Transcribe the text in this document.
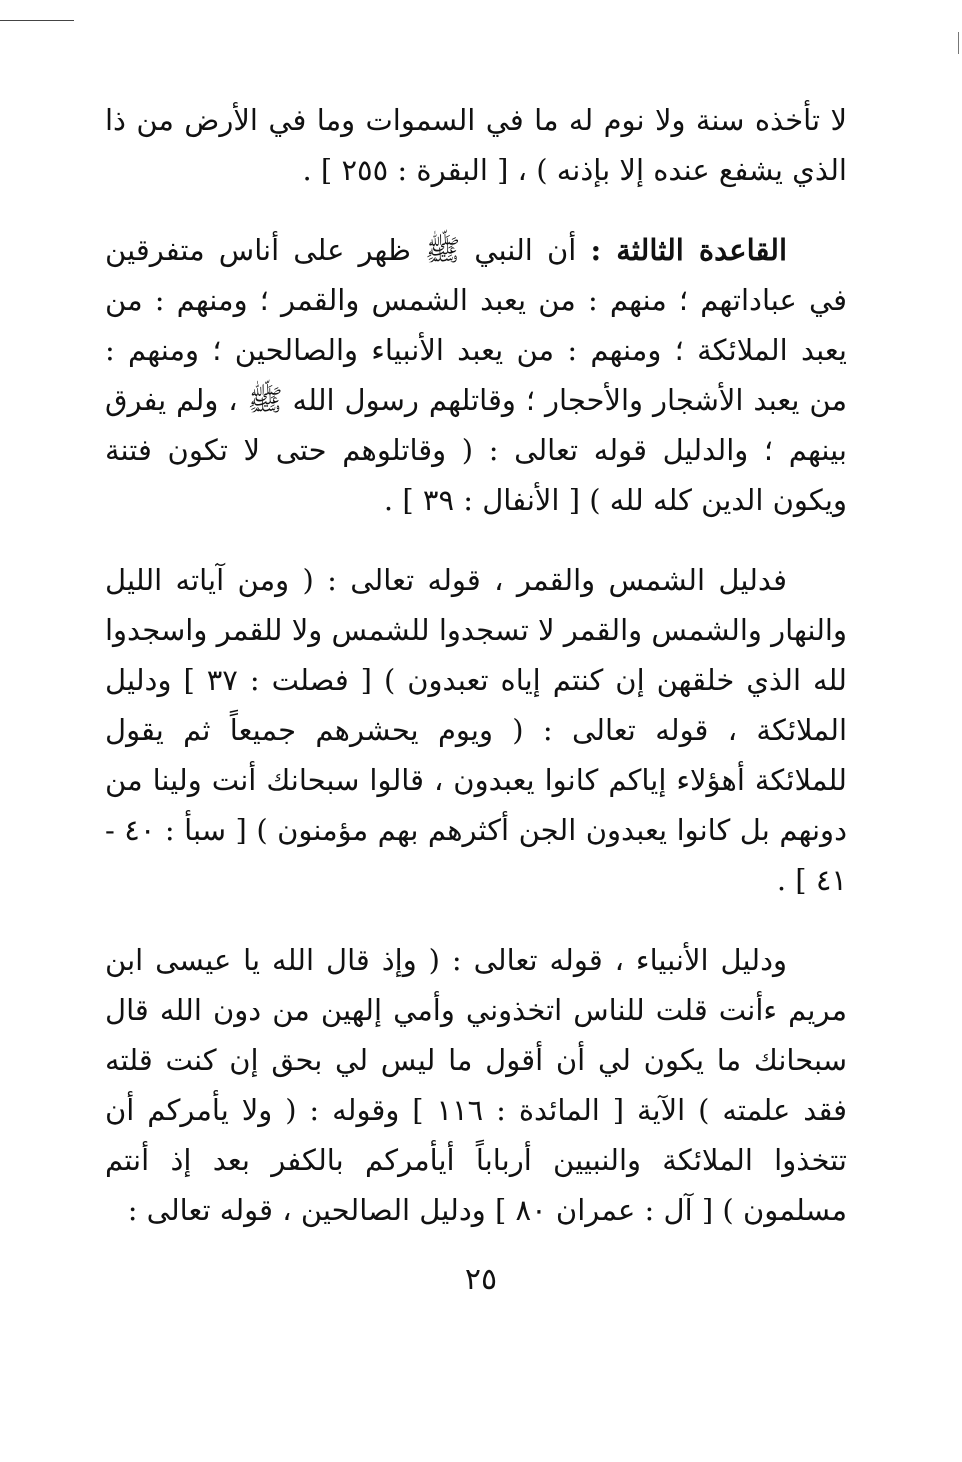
لا تأخذه سنة ولا نوم له ما في السموات وما في الأرض من ذا الذي يشفع عنده إلا بإذنه ) ، [ البقرة : ٢٥٥ ] .

القاعدة الثالثة : أن النبي ﷺ ظهر على أناس متفرقين في عباداتهم ؛ منهم : من يعبد الشمس والقمر ؛ ومنهم : من يعبد الملائكة ؛ ومنهم : من يعبد الأنبياء والصالحين ؛ ومنهم : من يعبد الأشجار والأحجار ؛ وقاتلهم رسول الله ﷺ ، ولم يفرق بينهم ؛ والدليل قوله تعالى : ( وقاتلوهم حتى لا تكون فتنة ويكون الدين كله لله ) [ الأنفال : ٣٩ ] .

فدليل الشمس والقمر ، قوله تعالى : ( ومن آياته الليل والنهار والشمس والقمر لا تسجدوا للشمس ولا للقمر واسجدوا لله الذي خلقهن إن كنتم إياه تعبدون ) [ فصلت : ٣٧ ] ودليل الملائكة ، قوله تعالى : ( ويوم يحشرهم جميعاً ثم يقول للملائكة أهؤلاء إياكم كانوا يعبدون ، قالوا سبحانك أنت ولينا من دونهم بل كانوا يعبدون الجن أكثرهم بهم مؤمنون ) [ سبأ : ٤٠ - ٤١ ] .

ودليل الأنبياء ، قوله تعالى : ( وإذ قال الله يا عيسى ابن مريم ءأنت قلت للناس اتخذوني وأمي إلهين من دون الله قال سبحانك ما يكون لي أن أقول ما ليس لي بحق إن كنت قلته فقد علمته ) الآية [ المائدة : ١١٦ ] وقوله : ( ولا يأمركم أن تتخذوا الملائكة والنبيين أرباباً أيأمركم بالكفر بعد إذ أنتم مسلمون ) [ آل : عمران ٨٠ ] ودليل الصالحين ، قوله تعالى :

٢٥
